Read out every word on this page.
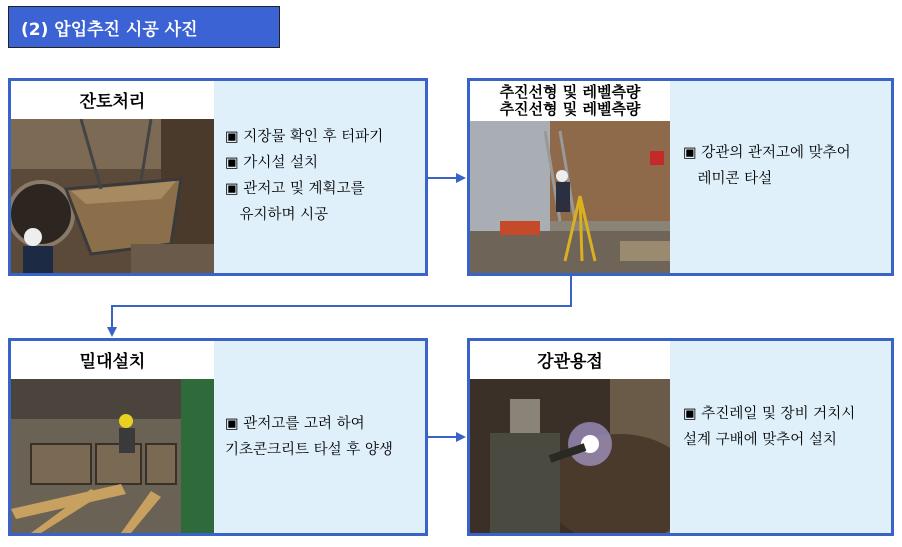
(2) 압입추진 시공 사진
잔토처리
▣ 지장물 확인 후 터파기
▣ 가시설 설치
▣ 관저고 및 계획고를
　유지하며 시공
추진선형 및 레벨측량
추진선형 및 레벨측량
▣ 강관의 관저고에 맞추어
　레미콘 타설
밀대설치
▣ 관저고를 고려 하여
기초콘크리트 타설 후 양생
강관용접
▣ 추진레일 및 장비 거치시
설계 구배에 맞추어 설치
